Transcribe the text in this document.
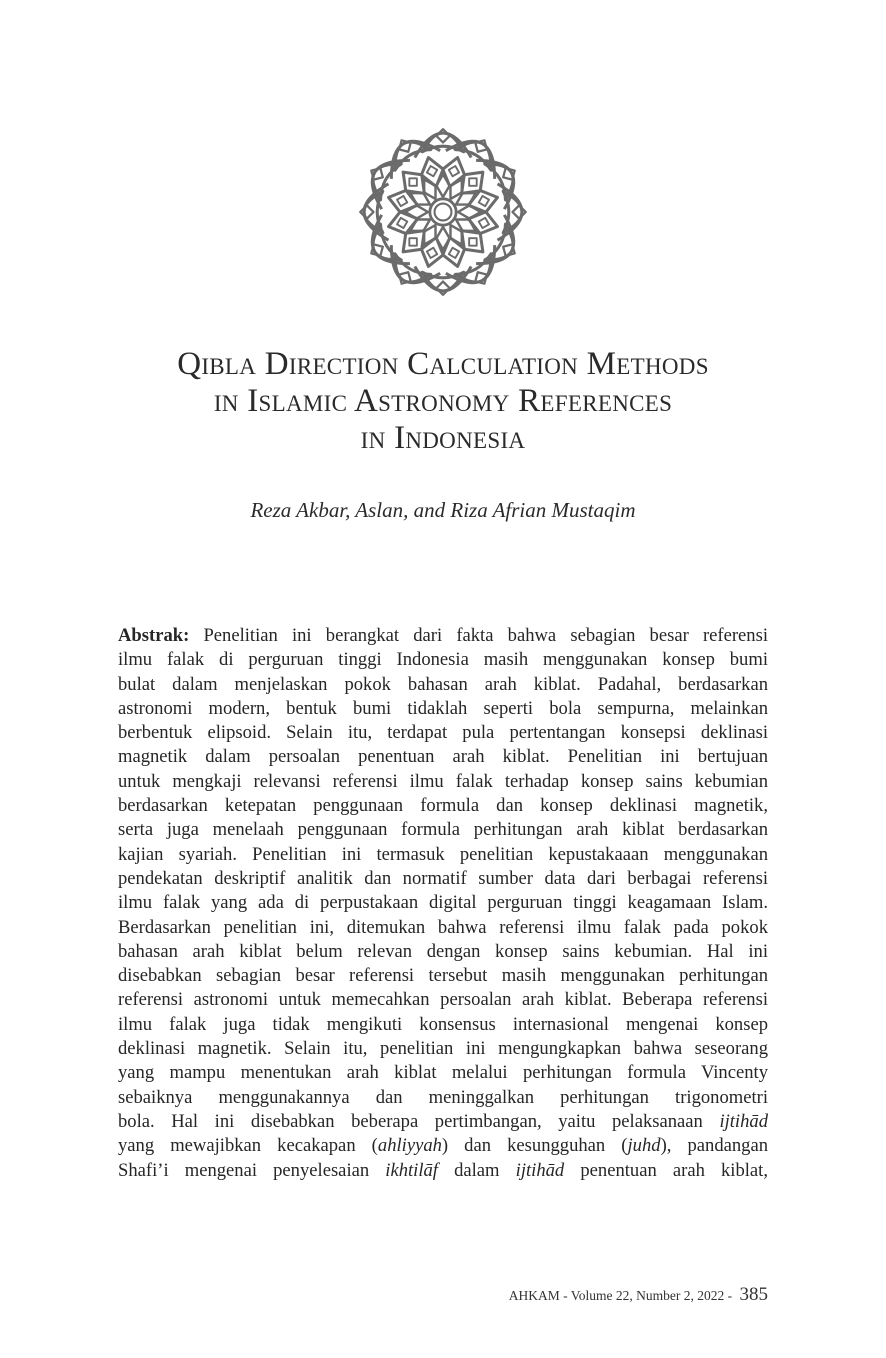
Qibla Direction Calculation Methods
in Islamic Astronomy References
in Indonesia
Reza Akbar, Aslan, and Riza Afrian Mustaqim
Abstrak: Penelitian ini berangkat dari fakta bahwa sebagian besar referensi
ilmu falak di perguruan tinggi Indonesia masih menggunakan konsep bumi
bulat dalam menjelaskan pokok bahasan arah kiblat. Padahal, berdasarkan
astronomi modern, bentuk bumi tidaklah seperti bola sempurna, melainkan
berbentuk elipsoid. Selain itu, terdapat pula pertentangan konsepsi deklinasi
magnetik dalam persoalan penentuan arah kiblat. Penelitian ini bertujuan
untuk mengkaji relevansi referensi ilmu falak terhadap konsep sains kebumian
berdasarkan ketepatan penggunaan formula dan konsep deklinasi magnetik,
serta juga menelaah penggunaan formula perhitungan arah kiblat berdasarkan
kajian syariah. Penelitian ini termasuk penelitian kepustakaaan menggunakan
pendekatan deskriptif analitik dan normatif sumber data dari berbagai referensi
ilmu falak yang ada di perpustakaan digital perguruan tinggi keagamaan Islam.
Berdasarkan penelitian ini, ditemukan bahwa referensi ilmu falak pada pokok
bahasan arah kiblat belum relevan dengan konsep sains kebumian. Hal ini
disebabkan sebagian besar referensi tersebut masih menggunakan perhitungan
referensi astronomi untuk memecahkan persoalan arah kiblat. Beberapa referensi
ilmu falak juga tidak mengikuti konsensus internasional mengenai konsep
deklinasi magnetik. Selain itu, penelitian ini mengungkapkan bahwa seseorang
yang mampu menentukan arah kiblat melalui perhitungan formula Vincenty
sebaiknya menggunakannya dan meninggalkan perhitungan trigonometri
bola. Hal ini disebabkan beberapa pertimbangan, yaitu pelaksanaan ijtihād
yang mewajibkan kecakapan (ahliyyah) dan kesungguhan (juhd), pandangan
Shafi’i mengenai penyelesaian ikhtilāf dalam ijtihād penentuan arah kiblat,
AHKAM - Volume 22, Number 2, 2022 - 385
